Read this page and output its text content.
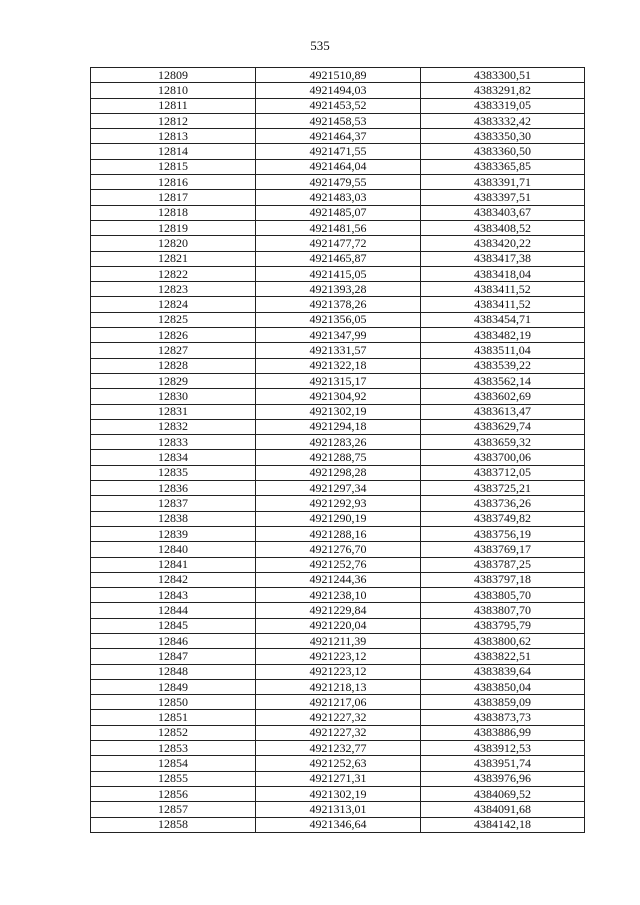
535
12809	4921510,89	4383300,51
12810	4921494,03	4383291,82
12811	4921453,52	4383319,05
12812	4921458,53	4383332,42
12813	4921464,37	4383350,30
12814	4921471,55	4383360,50
12815	4921464,04	4383365,85
12816	4921479,55	4383391,71
12817	4921483,03	4383397,51
12818	4921485,07	4383403,67
12819	4921481,56	4383408,52
12820	4921477,72	4383420,22
12821	4921465,87	4383417,38
12822	4921415,05	4383418,04
12823	4921393,28	4383411,52
12824	4921378,26	4383411,52
12825	4921356,05	4383454,71
12826	4921347,99	4383482,19
12827	4921331,57	4383511,04
12828	4921322,18	4383539,22
12829	4921315,17	4383562,14
12830	4921304,92	4383602,69
12831	4921302,19	4383613,47
12832	4921294,18	4383629,74
12833	4921283,26	4383659,32
12834	4921288,75	4383700,06
12835	4921298,28	4383712,05
12836	4921297,34	4383725,21
12837	4921292,93	4383736,26
12838	4921290,19	4383749,82
12839	4921288,16	4383756,19
12840	4921276,70	4383769,17
12841	4921252,76	4383787,25
12842	4921244,36	4383797,18
12843	4921238,10	4383805,70
12844	4921229,84	4383807,70
12845	4921220,04	4383795,79
12846	4921211,39	4383800,62
12847	4921223,12	4383822,51
12848	4921223,12	4383839,64
12849	4921218,13	4383850,04
12850	4921217,06	4383859,09
12851	4921227,32	4383873,73
12852	4921227,32	4383886,99
12853	4921232,77	4383912,53
12854	4921252,63	4383951,74
12855	4921271,31	4383976,96
12856	4921302,19	4384069,52
12857	4921313,01	4384091,68
12858	4921346,64	4384142,18
